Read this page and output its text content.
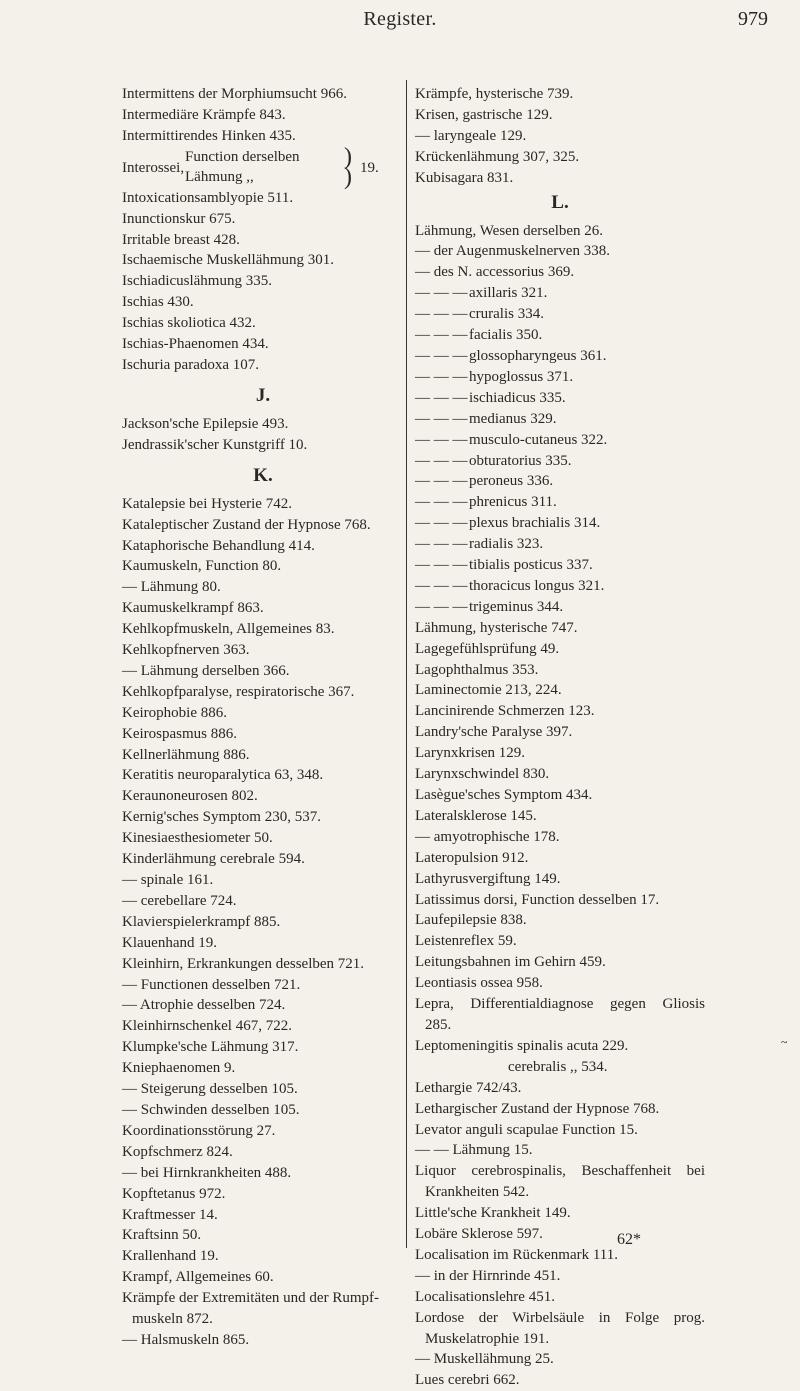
Register.	979
Intermittens der Morphiumsucht 966.
Intermediäre Krämpfe 843.
Intermittirendes Hinken 435.
Interossei,
Function derselben
Lähmung ,,
)
) 19.
Intoxicationsamblyopie 511.
Inunctionskur 675.
Irritable breast 428.
Ischaemische Muskellähmung 301.
Ischiadicuslähmung 335.
Ischias 430.
Ischias skoliotica 432.
Ischias-Phaenomen 434.
Ischuria paradoxa 107.
J.
Jackson'sche Epilepsie 493.
Jendrassik'scher Kunstgriff 10.
K.
Katalepsie bei Hysterie 742.
Kataleptischer Zustand der Hypnose 768.
Kataphorische Behandlung 414.
Kaumuskeln, Function 80.
— Lähmung 80.
Kaumuskelkrampf 863.
Kehlkopfmuskeln, Allgemeines 83.
Kehlkopfnerven 363.
— Lähmung derselben 366.
Kehlkopfparalyse, respiratorische 367.
Keirophobie 886.
Keirospasmus 886.
Kellnerlähmung 886.
Keratitis neuroparalytica 63, 348.
Keraunoneurosen 802.
Kernig'sches Symptom 230, 537.
Kinesiaesthesiometer 50.
Kinderlähmung cerebrale 594.
— spinale 161.
— cerebellare 724.
Klavierspielerkrampf 885.
Klauenhand 19.
Kleinhirn, Erkrankungen desselben 721.
— Functionen desselben 721.
— Atrophie desselben 724.
Kleinhirnschenkel 467, 722.
Klumpke'sche Lähmung 317.
Kniephaenomen 9.
— Steigerung desselben 105.
— Schwinden desselben 105.
Koordinationsstörung 27.
Kopfschmerz 824.
— bei Hirnkrankheiten 488.
Kopftetanus 972.
Kraftmesser 14.
Kraftsinn 50.
Krallenhand 19.
Krampf, Allgemeines 60.
Krämpfe der Extremitäten und der Rumpf-muskeln 872.
— Halsmuskeln 865.
Krämpfe, hysterische 739.
Krisen, gastrische 129.
— laryngeale 129.
Krückenlähmung 307, 325.
Kubisagara 831.
L.
Lähmung, Wesen derselben 26.
— der Augenmuskelnerven 338.
— des N. accessorius 369.
— — — axillaris 321.
— — — cruralis 334.
— — — facialis 350.
— — — glossopharyngeus 361.
— — — hypoglossus 371.
— — — ischiadicus 335.
— — — medianus 329.
— — — musculo-cutaneus 322.
— — — obturatorius 335.
— — — peroneus 336.
— — — phrenicus 311.
— — — plexus brachialis 314.
— — — radialis 323.
— — — tibialis posticus 337.
— — — thoracicus longus 321.
— — — trigeminus 344.
Lähmung, hysterische 747.
Lagegefühlsprüfung 49.
Lagophthalmus 353.
Laminectomie 213, 224.
Lancinirende Schmerzen 123.
Landry'sche Paralyse 397.
Larynxkrisen 129.
Larynxschwindel 830.
Lasègue'sches Symptom 434.
Lateralsklerose 145.
— amyotrophische 178.
Lateropulsion 912.
Lathyrusvergiftung 149.
Latissimus dorsi, Function desselben 17.
Laufepilepsie 838.
Leistenreflex 59.
Leitungsbahnen im Gehirn 459.
Leontiasis ossea 958.
Lepra, Differentialdiagnose gegen Gliosis
285.
Leptomeningitis spinalis acuta 229.
cerebralis ,, 534.
Lethargie 742/43.
Lethargischer Zustand der Hypnose 768.
Levator anguli scapulae Function 15.
— — Lähmung 15.
Liquor cerebrospinalis, Beschaffenheit bei
Krankheiten 542.
Little'sche Krankheit 149.
Lobäre Sklerose 597.
Localisation im Rückenmark 111.
— in der Hirnrinde 451.
Localisationslehre 451.
Lordose der Wirbelsäule in Folge prog.
Muskelatrophie 191.
— Muskellähmung 25.
Lues cerebri 662.
62*
~
